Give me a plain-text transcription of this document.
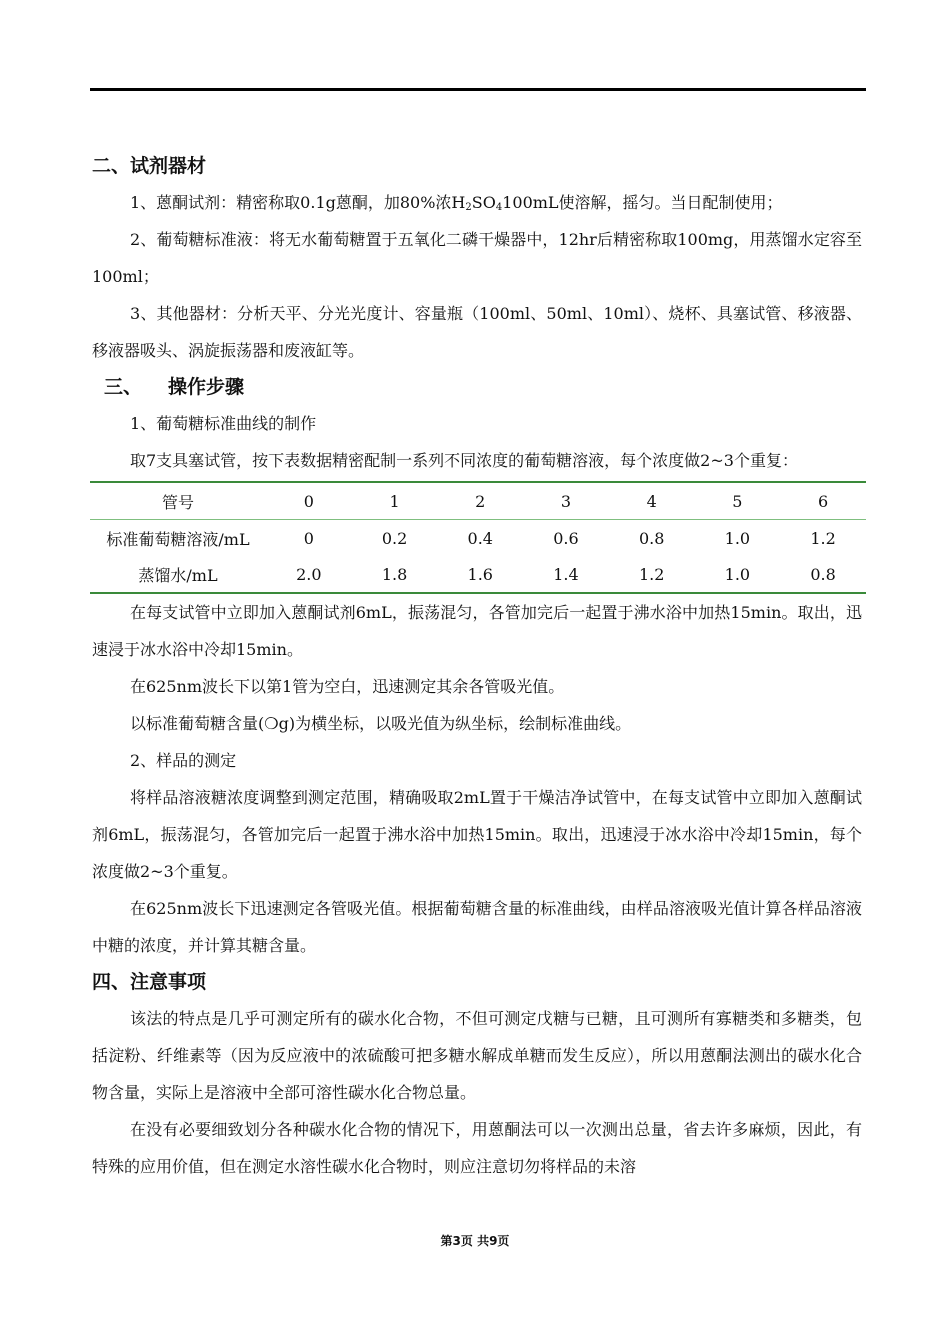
二、试剂器材
1、蒽酮试剂：精密称取0.1g蒽酮，加80%浓$H_2SO_4100mL$使溶解，摇匀。当日配制使用；

2、葡萄糖标准液：将无水葡萄糖置于五氧化二磷干燥器中，12hr后精密称取100mg，用蒸馏水定容至100ml；

3、其他器材：分析天平、分光光度计、容量瓶（100ml、50ml、10ml）、烧杯、具塞试管、移液器、移液器吸头、涡旋振荡器和废液缸等。

三、 操作步骤
1、葡萄糖标准曲线的制作

取7支具塞试管，按下表数据精密配制一系列不同浓度的葡萄糖溶液，每个浓度做2~3个重复：

管号	0	1	2	3	4	5	6
标准葡萄糖溶液/mL	0	0.2	0.4	0.6	0.8	1.0	1.2
蒸馏水/mL	2.0	1.8	1.6	1.4	1.2	1.0	0.8

在每支试管中立即加入蒽酮试剂6mL，振荡混匀，各管加完后一起置于沸水浴中加热15min。取出，迅速浸于冰水浴中冷却15min。

在625nm波长下以第1管为空白，迅速测定其余各管吸光值。

以标准葡萄糖含量(❍g)为横坐标，以吸光值为纵坐标，绘制标准曲线。

2、样品的测定

将样品溶液糖浓度调整到测定范围，精确吸取2mL置于干燥洁净试管中，在每支试管中立即加入蒽酮试剂6mL，振荡混匀，各管加完后一起置于沸水浴中加热15min。取出，迅速浸于冰水浴中冷却15min，每个浓度做2~3个重复。

在625nm波长下迅速测定各管吸光值。根据葡萄糖含量的标准曲线，由样品溶液吸光值计算各样品溶液中糖的浓度，并计算其糖含量。

四、注意事项

该法的特点是几乎可测定所有的碳水化合物，不但可测定戊糖与已糖，且可测所有寡糖类和多糖类，包括淀粉、纤维素等（因为反应液中的浓硫酸可把多糖水解成单糖而发生反应），所以用蒽酮法测出的碳水化合物含量，实际上是溶液中全部可溶性碳水化合物总量。

在没有必要细致划分各种碳水化合物的情况下，用蒽酮法可以一次测出总量，省去许多麻烦，因此，有特殊的应用价值，但在测定水溶性碳水化合物时，则应注意切勿将样品的未溶

第3页 共9页
